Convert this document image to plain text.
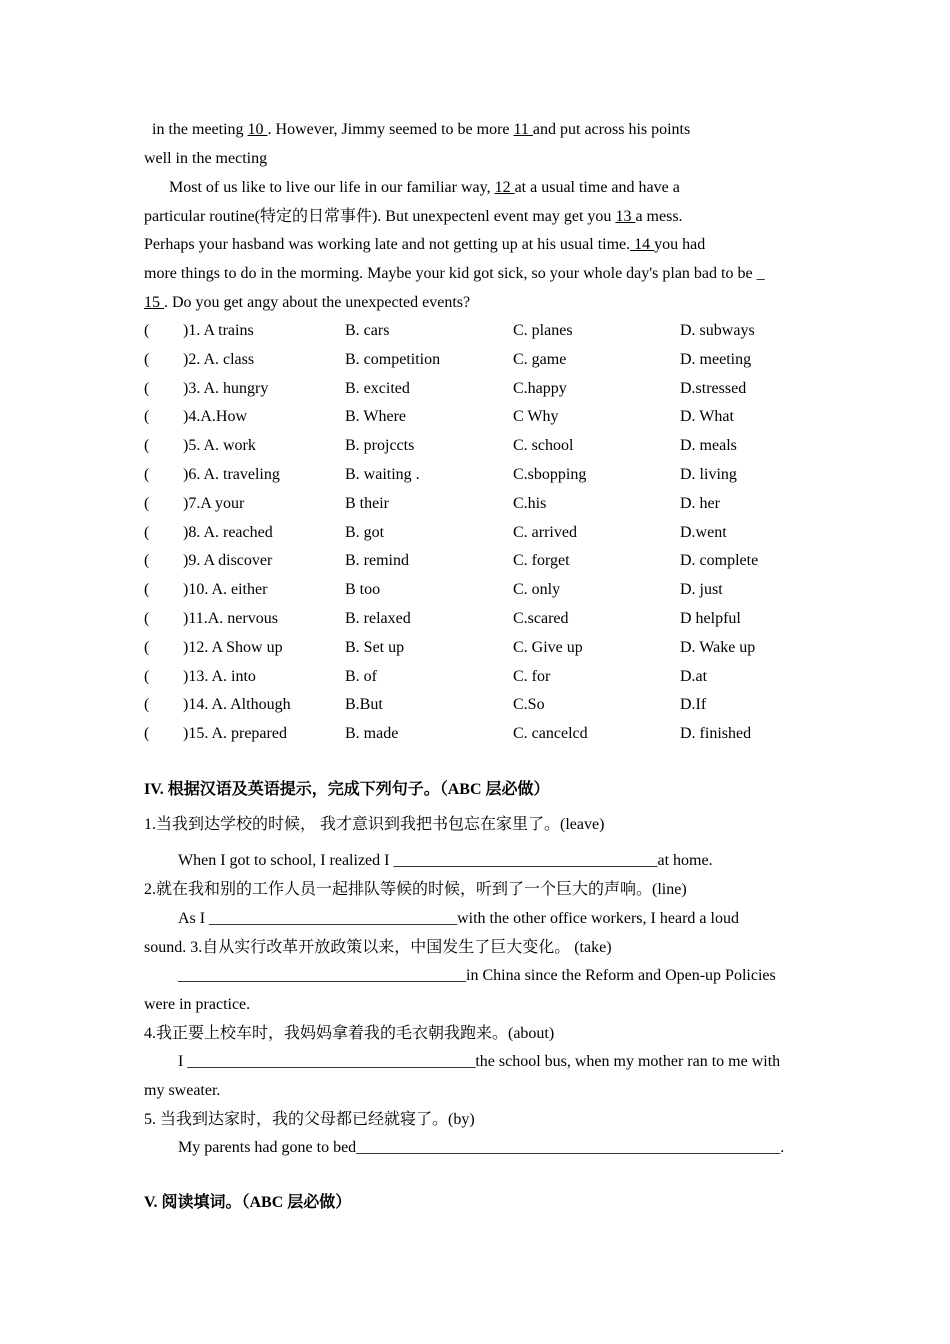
in the meeting 10 . However, Jimmy seemed to be more 11 and put across his points
well in the mecting
Most of us like to live our life in our familiar way, 12 at a usual time and have a
particular routine(特定的日常事件). But unexpectenl event may get you 13 a mess.
Perhaps your hasband was working late and not getting up at his usual time. 14 you had
more things to do in the morming. Maybe your kid got sick, so your whole day's plan bad to be _
15 . Do you get angy about the unexpected events?
( )1. A trains	B. cars	C. planes	D. subways
( )2. A. class	B. competition	C. game	D. meeting
( )3. A. hungry	B. excited	C.happy	D.stressed
( )4.A.How	B. Where	C Why	D. What
( )5. A. work	B. projccts	C. school	D. meals
( )6. A. traveling	B. waiting .	C.sbopping	D. living
( )7.A your	B their	C.his	D. her
( )8. A. reached	B. got	C. arrived	D.went
( )9. A discover	B. remind	C. forget	D. complete
( )10. A. either	B too	C. only	D. just
( )11.A. nervous	B. relaxed	C.scared	D helpful
( )12. A Show up	B. Set up	C. Give up	D. Wake up
( )13. A. into	B. of	C. for	D.at
( )14. A. Although	B.But	C.So	D.If
( )15. A. prepared	B. made	C. cancelcd	D. finished
IV. 根据汉语及英语提示，完成下列句子。（ABC 层必做）
1.当我到达学校的时候， 我才意识到我把书包忘在家里了。(leave)
When I got to school, I realized I _________________________________at home.
2.就在我和别的工作人员一起排队等候的时候，听到了一个巨大的声响。(line)
As I _______________________________with the other office workers, I heard a loud
sound. 3.自从实行改革开放政策以来，中国发生了巨大变化。 (take)
____________________________________in China since the Reform and Open-up Policies
were in practice.
4.我正要上校车时，我妈妈拿着我的毛衣朝我跑来。(about)
I ____________________________________the school bus, when my mother ran to me with
my sweater.
5. 当我到达家时，我的父母都已经就寝了。(by)
My parents had gone to bed_____________________________________________________.
V. 阅读填词。（ABC 层必做）
